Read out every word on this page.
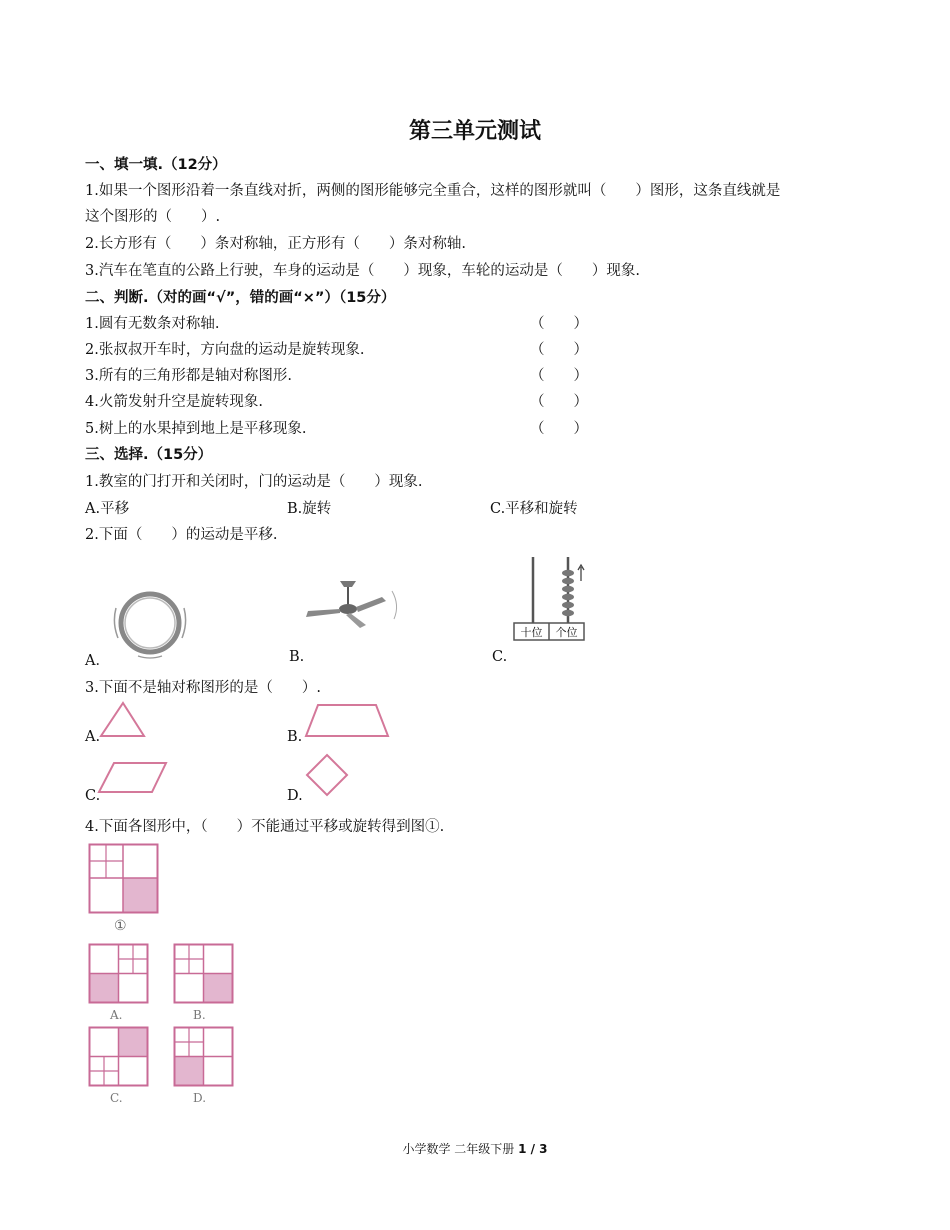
第三单元测试
一、填一填.（12分）
1.如果一个图形沿着一条直线对折，两侧的图形能够完全重合，这样的图形就叫（　　）图形，这条直线就是
这个图形的（　　）.
2.长方形有（　　）条对称轴，正方形有（　　）条对称轴.
3.汽车在笔直的公路上行驶，车身的运动是（　　）现象，车轮的运动是（　　）现象.
二、判断.（对的画“√”，错的画“×”）（15分）
1.圆有无数条对称轴.	（　　）
2.张叔叔开车时，方向盘的运动是旋转现象.	（　　）
3.所有的三角形都是轴对称图形.	（　　）
4.火箭发射升空是旋转现象.	（　　）
5.树上的水果掉到地上是平移现象.	（　　）
三、选择.（15分）
1.教室的门打开和关闭时，门的运动是（　　）现象.
A.平移	B.旋转	C.平移和旋转
2.下面（　　）的运动是平移.
A．	B.
十位	个位
C.
3.下面不是轴对称图形的是（　　）.
A.	B.
C.	D.
4.下面各图形中，（　　）不能通过平移或旋转得到图①.
①
A.	B.
C.	D.
小学数学 二年级下册 1 / 3
